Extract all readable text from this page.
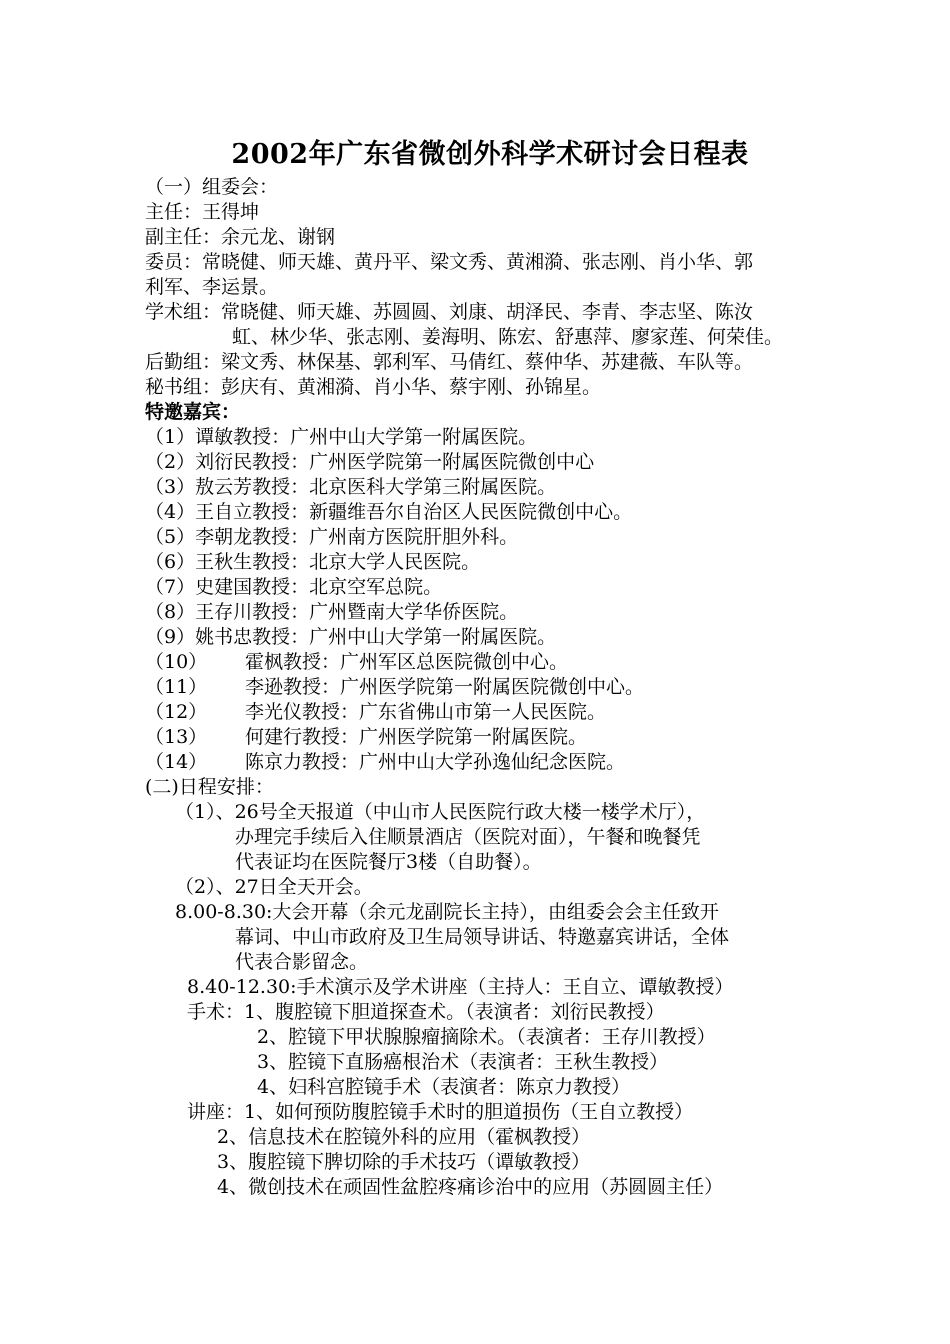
2002年广东省微创外科学术研讨会日程表
（一）组委会：
主任：王得坤
副主任：余元龙、谢钢
委员：常晓健、师天雄、黄丹平、梁文秀、黄湘漪、张志刚、肖小华、郭
利军、李运景。
学术组：常晓健、师天雄、苏圆圆、刘康、胡泽民、李青、李志坚、陈汝
虹、林少华、张志刚、姜海明、陈宏、舒惠萍、廖家莲、何荣佳。
后勤组：梁文秀、林保基、郭利军、马倩红、蔡仲华、苏建薇、车队等。
秘书组：彭庆有、黄湘漪、肖小华、蔡宇刚、孙锦星。
特邀嘉宾：
（1）谭敏教授：广州中山大学第一附属医院。
（2）刘衍民教授：广州医学院第一附属医院微创中心
（3）敖云芳教授：北京医科大学第三附属医院。
（4）王自立教授：新疆维吾尔自治区人民医院微创中心。
（5）李朝龙教授：广州南方医院肝胆外科。
（6）王秋生教授：北京大学人民医院。
（7）史建国教授：北京空军总院。
（8）王存川教授：广州暨南大学华侨医院。
（9）姚书忠教授：广州中山大学第一附属医院。
（10） 霍枫教授：广州军区总医院微创中心。
（11） 李逊教授：广州医学院第一附属医院微创中心。
（12） 李光仪教授：广东省佛山市第一人民医院。
（13） 何建行教授：广州医学院第一附属医院。
（14） 陈京力教授：广州中山大学孙逸仙纪念医院。
(二)日程安排：
（1）、26号全天报道（中山市人民医院行政大楼一楼学术厅），
办理完手续后入住顺景酒店（医院对面），午餐和晚餐凭
代表证均在医院餐厅3楼（自助餐）。
（2）、27日全天开会。
8.00-8.30:大会开幕（余元龙副院长主持），由组委会会主任致开
幕词、中山市政府及卫生局领导讲话、特邀嘉宾讲话，全体
代表合影留念。
8.40-12.30:手术演示及学术讲座（主持人：王自立、谭敏教授）
手术：1、腹腔镜下胆道探查术。（表演者：刘衍民教授）
2、腔镜下甲状腺腺瘤摘除术。（表演者：王存川教授）
3、腔镜下直肠癌根治术（表演者：王秋生教授）
4、妇科宫腔镜手术（表演者：陈京力教授）
讲座：1、如何预防腹腔镜手术时的胆道损伤（王自立教授）
2、信息技术在腔镜外科的应用（霍枫教授）
3、腹腔镜下脾切除的手术技巧（谭敏教授）
4、微创技术在顽固性盆腔疼痛诊治中的应用（苏圆圆主任）
